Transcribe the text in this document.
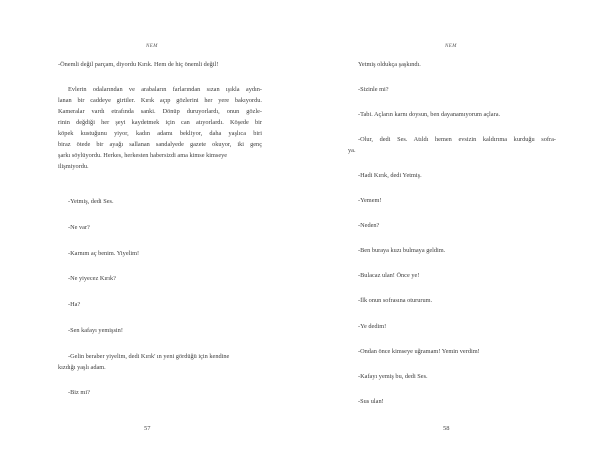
NEM
-Önemli değil parçam, diyordu Kırık. Hem de hiç önemli değil!
Evlerin odalarından ve arabaların farlarından sızan ışıkla aydın-
lanan bir caddeye girtiler. Kırık açıp gözlerini her yere bakıyordu.
Kameralar vardı etrafında sanki. Dönüp duruyorlardı, onun gözle-
rinin değdiği her şeyi kaydetmek için can atıyorlardı. Köşede bir
köpek kustuğunu yiyor, kadın adamı bekliyor, daha yaşlıca biri
biraz ötede bir ayağı sallanan sandalyede gazete okuyor, iki genç
şarkı söylüyordu. Herkes, herkesten habersizdi ama kimse kimseye
ilişmiyordu.
-Yetmiş, dedi Ses.
-Ne var?
-Karnım aç benim. Yiyelim!
-Ne yiyecez Kırık?
-Ha?
-Sen kafayı yemişsin!
-Gelin beraber yiyelim, dedi Kırık' ın yeni gördüğü için kendine
kızdığı yaşlı adam.
-Biz mi?
57
NEM
Yetmiş oldukça şaşkındı.
-Sizinle mi?
-Tabi. Açların karnı doysun, ben dayanamıyorum açlara.
-Olur, dedi Ses. Atıldı hemen evsizin kaldırıma kurduğu sofra-
ya.
-Hadi Kırık, dedi Yetmiş.
-Yemem!
-Neden?
-Ben buraya kuzı bulmaya geldim.
-Bulacaz ulan! Önce ye!
-İlk onun sofrasına otururum.
-Ye dedim!
-Ondan önce kimseye uğramam! Yemin verdim!
-Kafayı yemiş bu, dedi Ses.
-Sus ulan!
58
